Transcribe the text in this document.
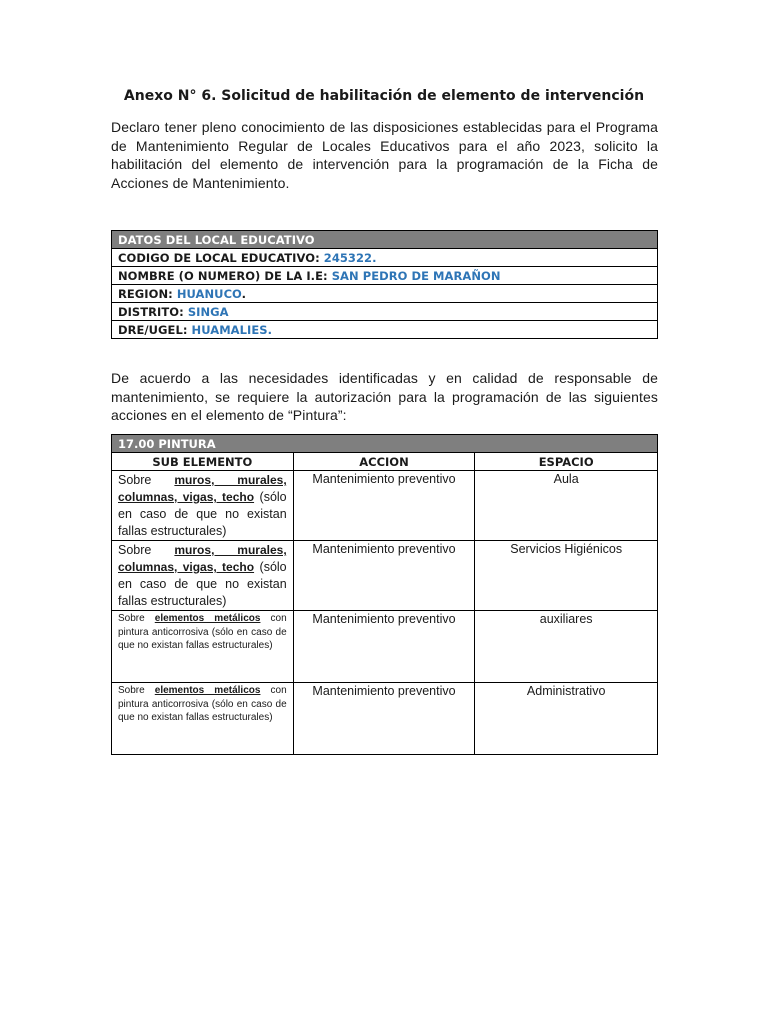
Anexo N° 6. Solicitud de habilitación de elemento de intervención

Declaro tener pleno conocimiento de las disposiciones establecidas para el Programa de Mantenimiento Regular de Locales Educativos para el año 2023, solicito la habilitación del elemento de intervención para la programación de la Ficha de Acciones de Mantenimiento.

DATOS DEL LOCAL EDUCATIVO
CODIGO DE LOCAL EDUCATIVO: 245322.
NOMBRE (O NUMERO) DE LA I.E: SAN PEDRO DE MARAÑON
REGION: HUANUCO.
DISTRITO: SINGA
DRE/UGEL: HUAMALIES.

De acuerdo a las necesidades identificadas y en calidad de responsable de mantenimiento, se requiere la autorización para la programación de las siguientes acciones en el elemento de “Pintura”:

17.00 PINTURA		
SUB ELEMENTO	ACCION	ESPACIO
Sobre muros, murales, columnas, vigas, techo (sólo en caso de que no existan fallas estructurales)	Mantenimiento preventivo	Aula
Sobre muros, murales, columnas, vigas, techo (sólo en caso de que no existan fallas estructurales)	Mantenimiento preventivo	Servicios Higiénicos
Sobre elementos metálicos con pintura anticorrosiva (sólo en caso de que no existan fallas estructurales)	Mantenimiento preventivo	auxiliares
Sobre elementos metálicos con pintura anticorrosiva (sólo en caso de que no existan fallas estructurales)	Mantenimiento preventivo	Administrativo
